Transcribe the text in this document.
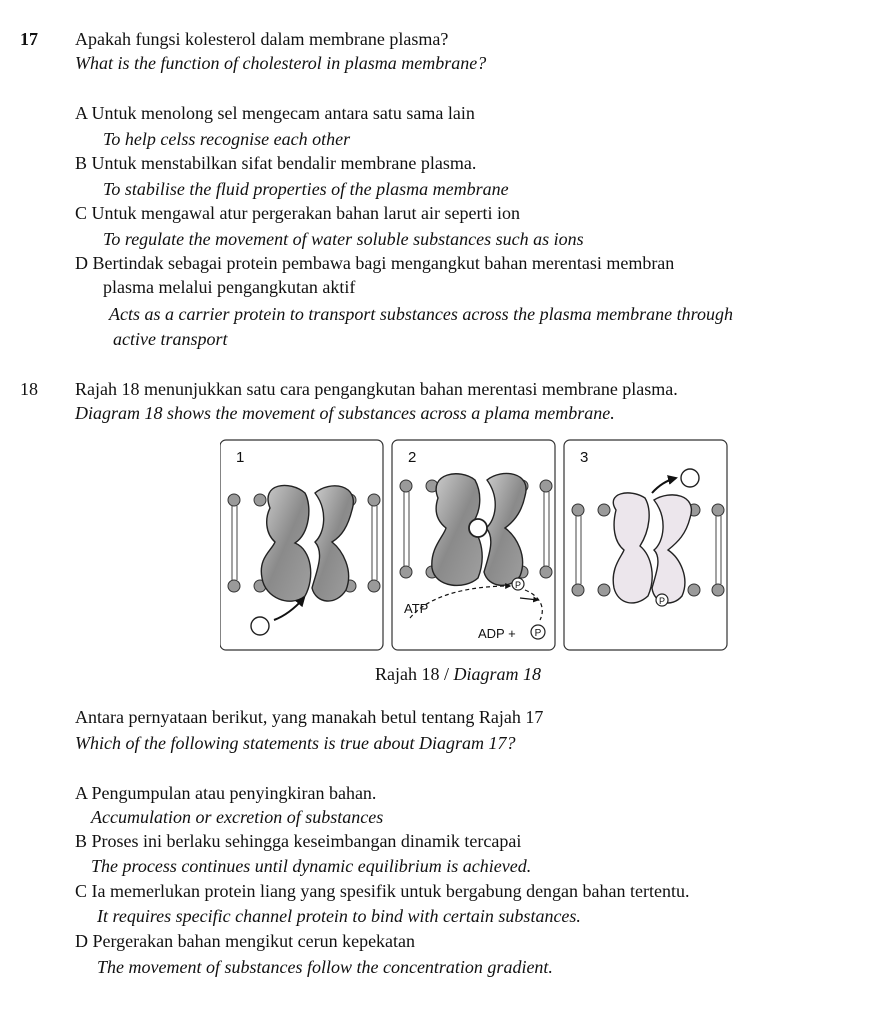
17 Apakah fungsi kolesterol dalam membrane plasma?
What is the function of cholesterol in plasma membrane?
A Untuk menolong sel mengecam antara satu sama lain
To help celss recognise each other
B Untuk menstabilkan sifat bendalir membrane plasma.
To stabilise the fluid properties of the plasma membrane
C Untuk mengawal atur pergerakan bahan larut air seperti ion
To regulate the movement of water soluble substances such as ions
D Bertindak sebagai protein pembawa bagi mengangkut bahan merentasi membran
plasma melalui pengangkutan aktif
Acts as a carrier protein to transport substances across the plasma membrane through
active transport
18 Rajah 18 menunjukkan satu cara pengangkutan bahan merentasi membrane plasma.
Diagram 18 shows the movement of substances across a plama membrane.
1	2
P
ATP
ADP + P
3
P
Rajah 18 / Diagram 18
Antara pernyataan berikut, yang manakah betul tentang Rajah 17
Which of the following statements is true about Diagram 17?
A Pengumpulan atau penyingkiran bahan.
Accumulation or excretion of substances
B Proses ini berlaku sehingga keseimbangan dinamik tercapai
The process continues until dynamic equilibrium is achieved.
C Ia memerlukan protein liang yang spesifik untuk bergabung dengan bahan tertentu.
It requires specific channel protein to bind with certain substances.
D Pergerakan bahan mengikut cerun kepekatan
The movement of substances follow the concentration gradient.
